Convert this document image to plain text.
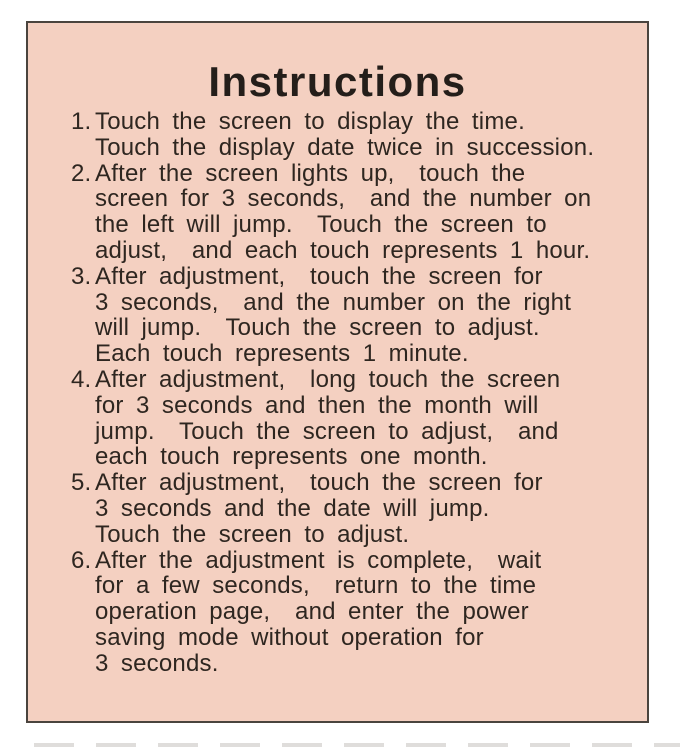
Instructions
1. Touch the screen to display the time.
Touch the display date twice in succession.
2. After the screen lights up,  touch the
screen for 3 seconds,  and the number on
the left will jump.  Touch the screen to
adjust,  and each touch represents 1 hour.
3. After adjustment,  touch the screen for
3 seconds,  and the number on the right
will jump.  Touch the screen to adjust.
Each touch represents 1 minute.
4. After adjustment,  long touch the screen
for 3 seconds and then the month will
jump.  Touch the screen to adjust,  and
each touch represents one month.
5. After adjustment,  touch the screen for
3 seconds and the date will jump.
Touch the screen to adjust.
6. After the adjustment is complete,  wait
for a few seconds,  return to the time
operation page,  and enter the power
saving mode without operation for
3 seconds.
